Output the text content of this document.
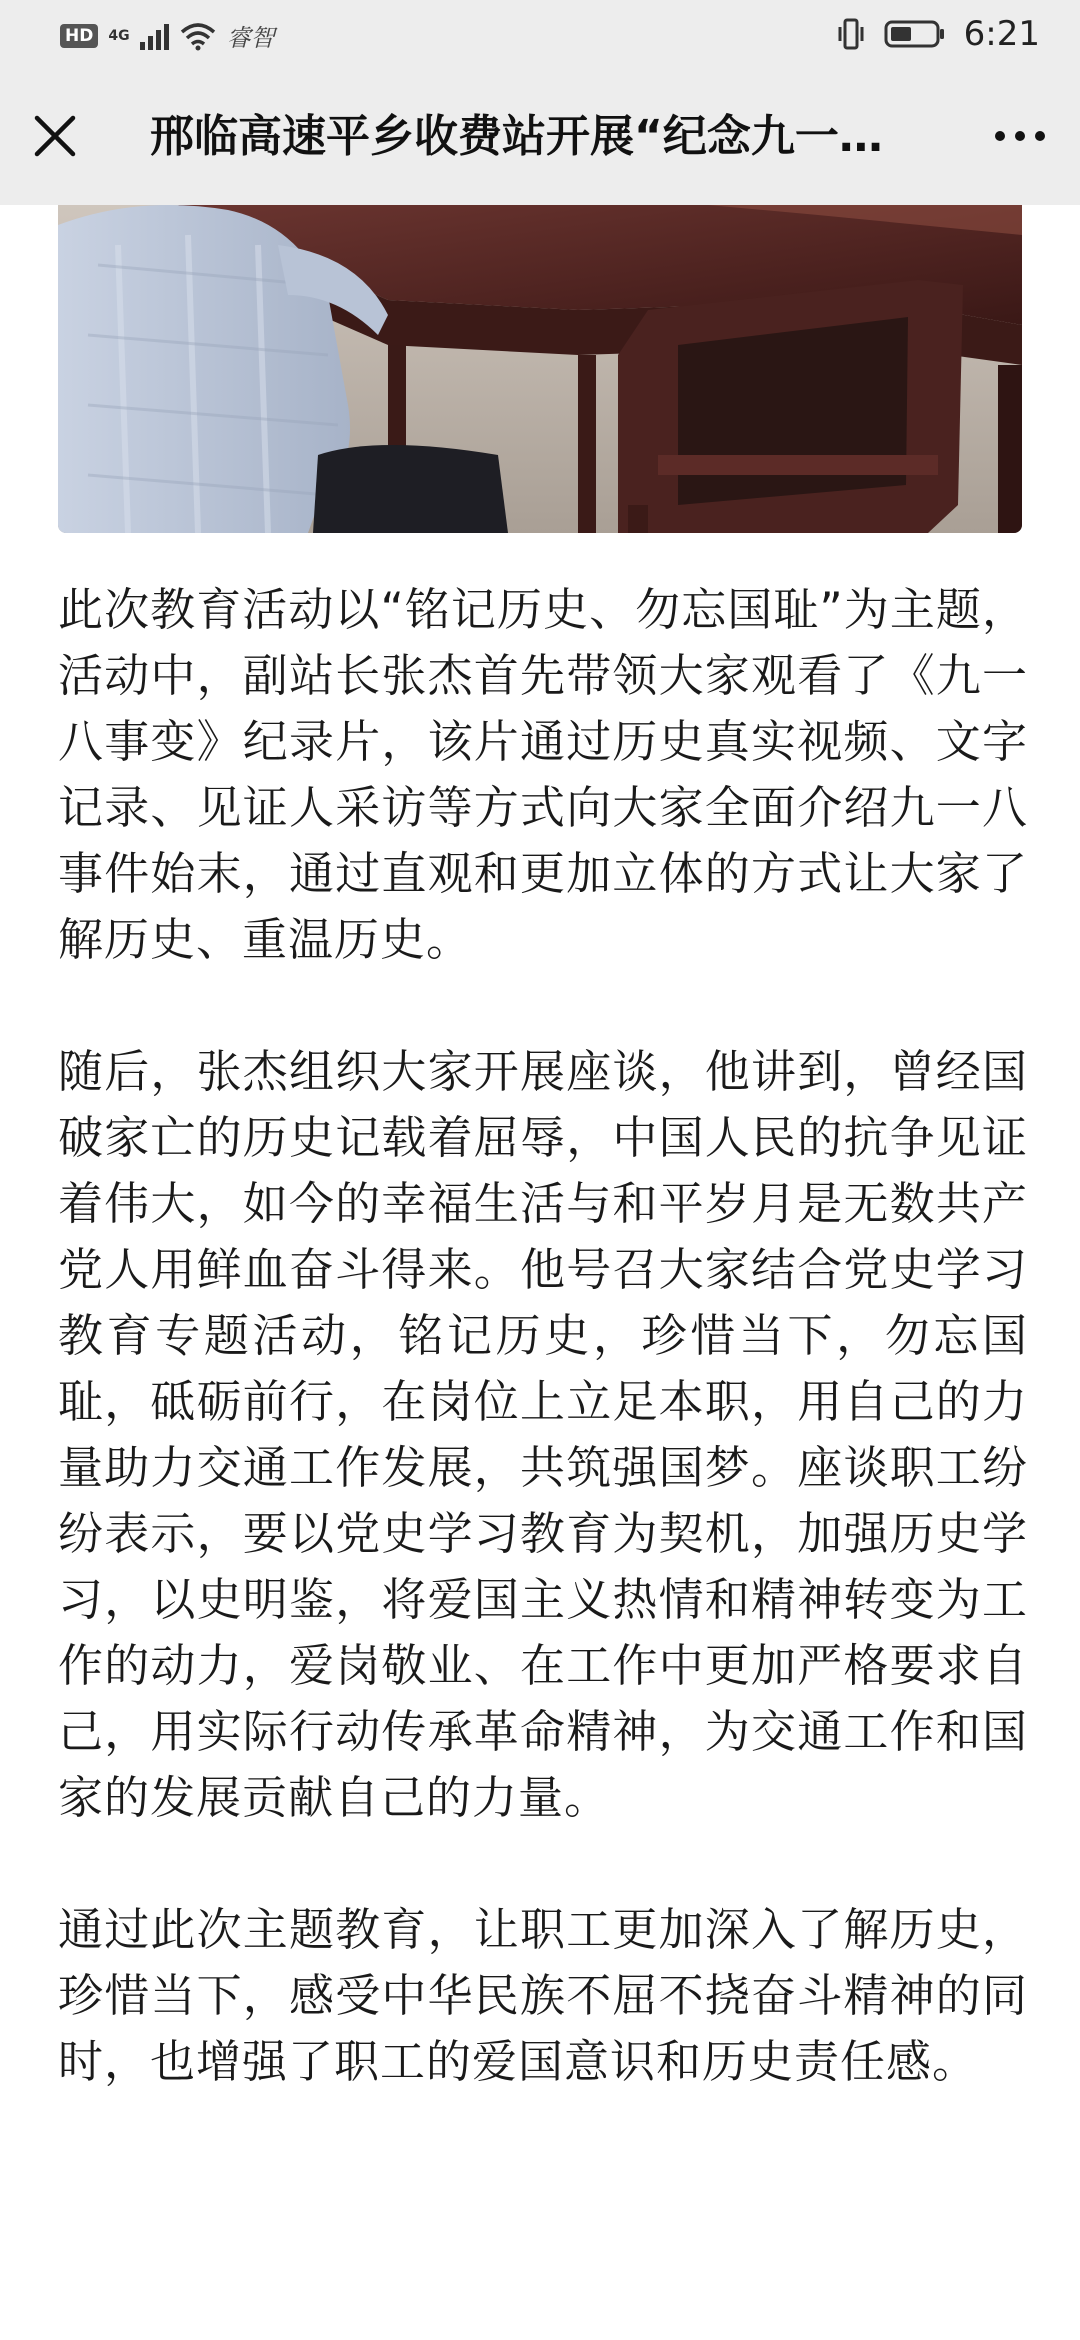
HD	4G	睿智	6:21
邢临高速平乡收费站开展“纪念九一…

此次教育活动以“铭记历史、勿忘国耻”为主题，活动中，副站长张杰首先带领大家观看了《九一八事变》纪录片，该片通过历史真实视频、文字记录、见证人采访等方式向大家全面介绍九一八事件始末，通过直观和更加立体的方式让大家了解历史、重温历史。

随后，张杰组织大家开展座谈，他讲到，曾经国破家亡的历史记载着屈辱，中国人民的抗争见证着伟大，如今的幸福生活与和平岁月是无数共产党人用鲜血奋斗得来。他号召大家结合党史学习教育专题活动，铭记历史，珍惜当下，勿忘国耻，砥砺前行，在岗位上立足本职，用自己的力量助力交通工作发展，共筑强国梦。座谈职工纷纷表示，要以党史学习教育为契机，加强历史学习，以史明鉴，将爱国主义热情和精神转变为工作的动力，爱岗敬业、在工作中更加严格要求自己，用实际行动传承革命精神，为交通工作和国家的发展贡献自己的力量。

通过此次主题教育，让职工更加深入了解历史，珍惜当下，感受中华民族不屈不挠奋斗精神的同时，也增强了职工的爱国意识和历史责任感。
